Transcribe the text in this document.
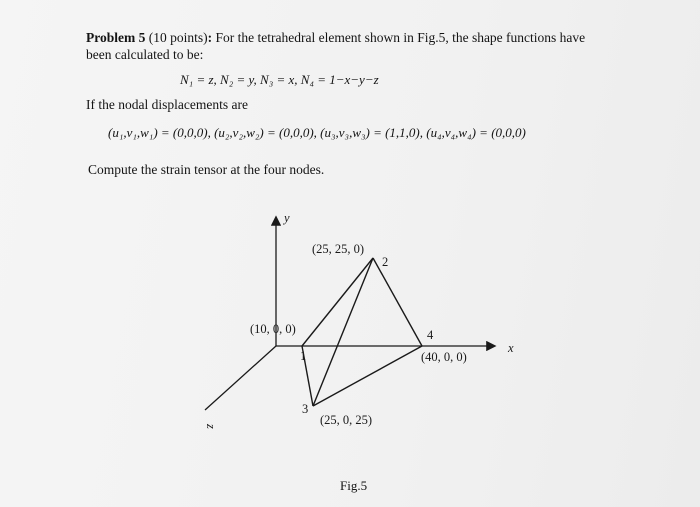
Problem 5 (10 points): For the tetrahedral element shown in Fig.5, the shape functions have
been calculated to be:
N₁ = z, N₂ = y, N₃ = x, N₄ = 1−x−y−z
If the nodal displacements are
(u₁,v₁,w₁) = (0,0,0), (u₂,v₂,w₂) = (0,0,0), (u₃,v₃,w₃) = (1,1,0), (u₄,v₄,w₄) = (0,0,0)
Compute the strain tensor at the four nodes.
y
x
z
(25, 25, 0)
2
(10, 0, 0)
1
4
(40, 0, 0)
3
(25, 0, 25)
Fig.5
